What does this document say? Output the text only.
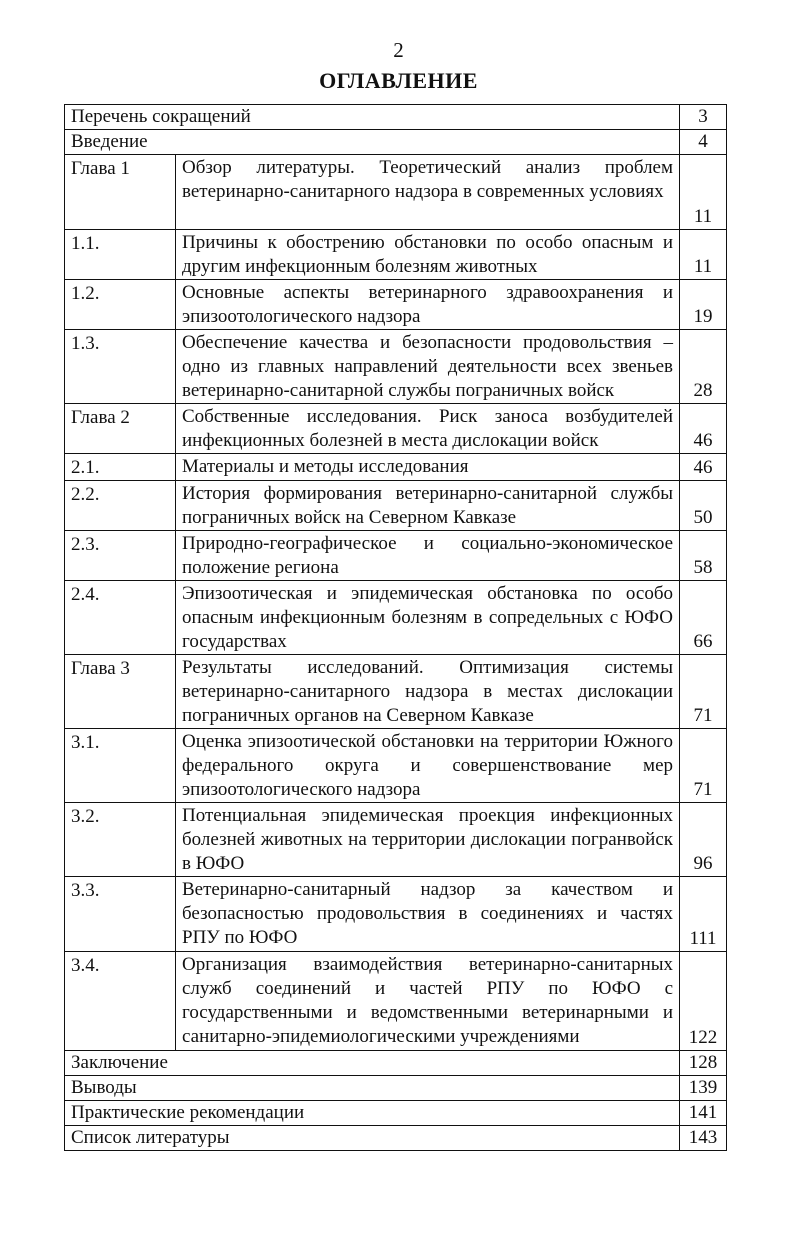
2
ОГЛАВЛЕНИЕ
Перечень сокращений		3
Введение		4
Глава 1	Обзор литературы. Теоретический анализ проблем ветеринарно-санитарного надзора в современных условиях	11
1.1.	Причины к обострению обстановки по особо опасным и другим инфекционным болезням животных	11
1.2.	Основные аспекты ветеринарного здравоохранения и эпизоотологического надзора	19
1.3.	Обеспечение качества и безопасности продовольствия – одно из главных направлений деятельности всех звеньев ветеринарно-санитарной службы пограничных войск	28
Глава 2	Собственные исследования. Риск заноса возбудителей инфекционных болезней в места дислокации войск	46
2.1.	Материалы и методы исследования	46
2.2.	История формирования ветеринарно-санитарной службы пограничных войск на Северном Кавказе	50
2.3.	Природно-географическое и социально-экономическое положение региона	58
2.4.	Эпизоотическая и эпидемическая обстановка по особо опасным инфекционным болезням в сопредельных с ЮФО государствах	66
Глава 3	Результаты исследований. Оптимизация системы ветеринарно-санитарного надзора в местах дислокации пограничных органов на Северном Кавказе	71
3.1.	Оценка эпизоотической обстановки на территории Южного федерального округа и совершенствование мер эпизоотологического надзора	71
3.2.	Потенциальная эпидемическая проекция инфекционных болезней животных на территории дислокации погранвойск в ЮФО	96
3.3.	Ветеринарно-санитарный надзор за качеством и безопасностью продовольствия в соединениях и частях РПУ по ЮФО	111
3.4.	Организация взаимодействия ветеринарно-санитарных служб соединений и частей РПУ по ЮФО с государственными и ведомственными ветеринарными и санитарно-эпидемиологическими учреждениями	122
Заключение		128
Выводы		139
Практические рекомендации		141
Список литературы		143
